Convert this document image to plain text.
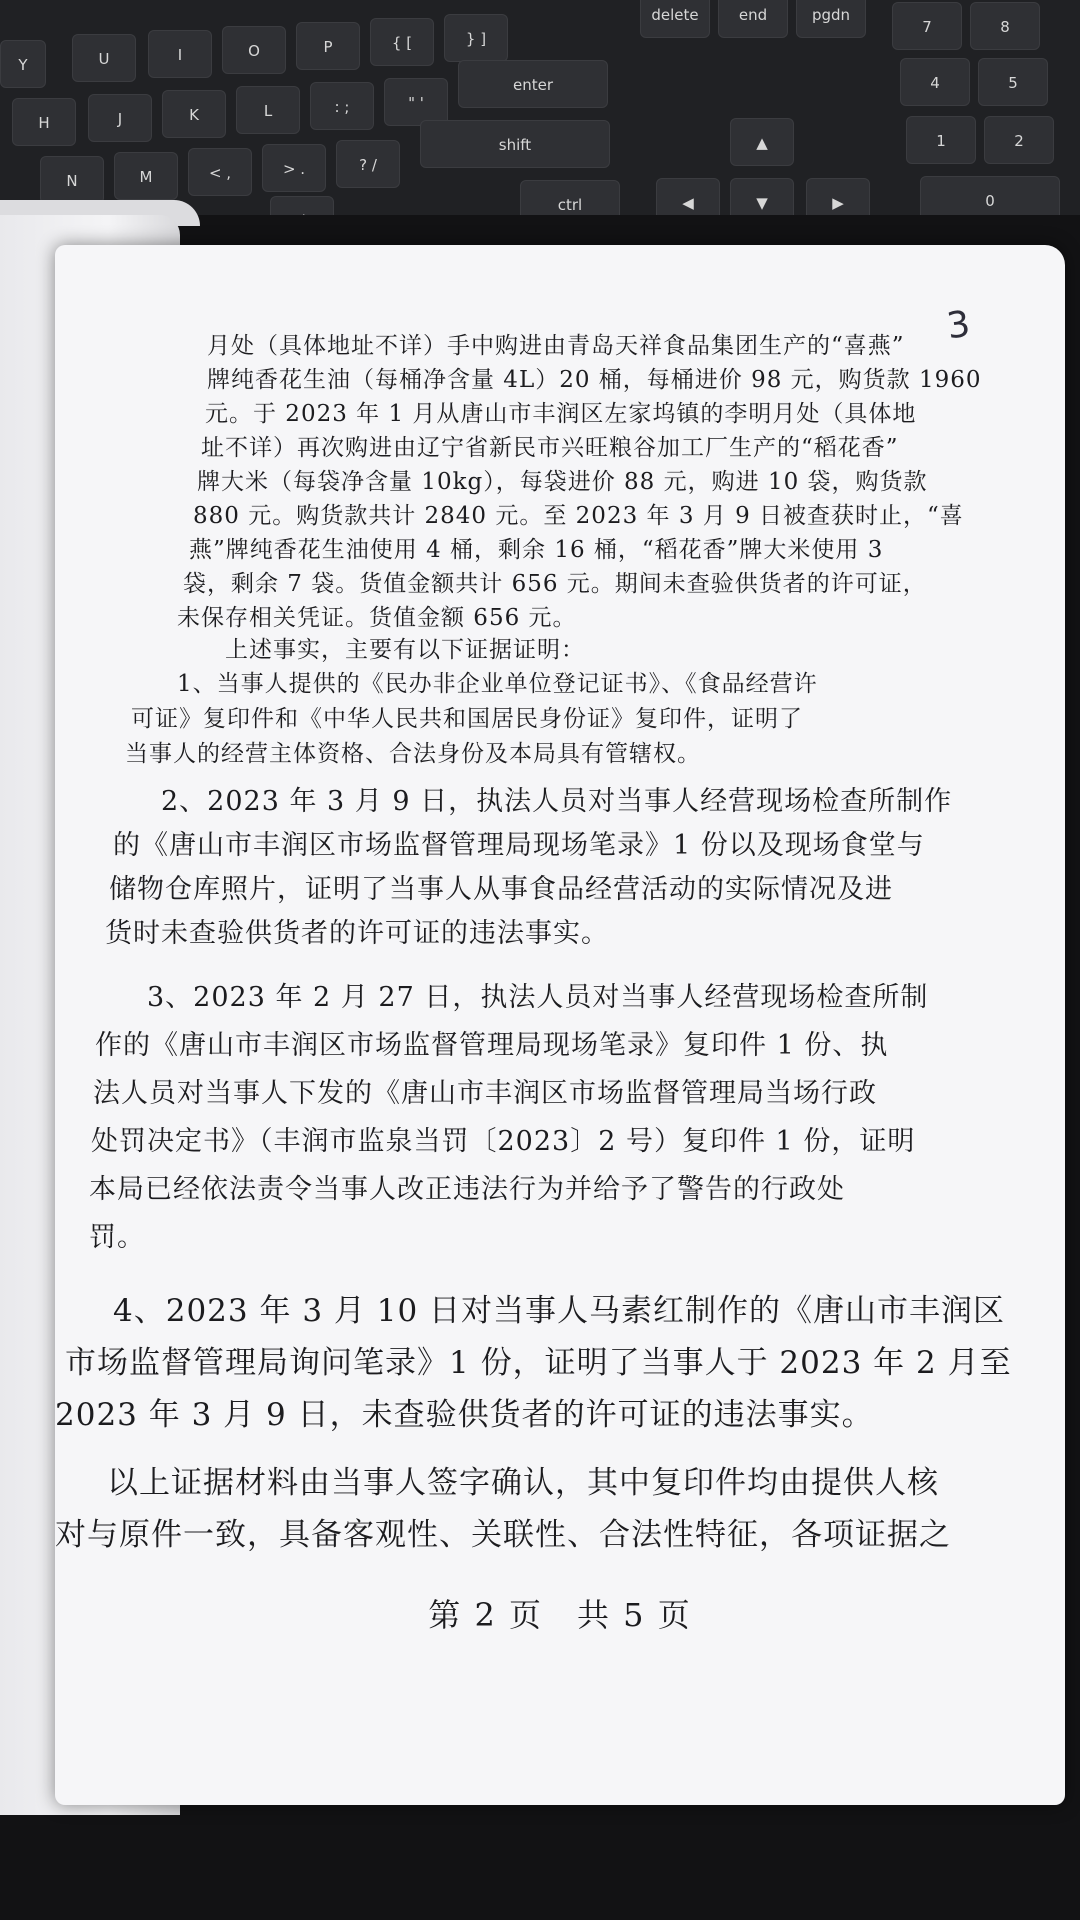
Y	U	I	O	P	{ [	} ]
H	J	K	L	: ;	" '
enter
N	M	< ,	> .	? /
shift
ctrl
delete	end	pgdn
▲
◀	▼	▶
7	8
4	5
1	2
0
3
月处（具体地址不详）手中购进由青岛天祥食品集团生产的“喜燕”
牌纯香花生油（每桶净含量 4L）20 桶，每桶进价 98 元，购货款 1960
元。于 2023 年 1 月从唐山市丰润区左家坞镇的李明月处（具体地
址不详）再次购进由辽宁省新民市兴旺粮谷加工厂生产的“稻花香”
牌大米（每袋净含量 10kg），每袋进价 88 元，购进 10 袋，购货款
880 元。购货款共计 2840 元。至 2023 年 3 月 9 日被查获时止，“喜
燕”牌纯香花生油使用 4 桶，剩余 16 桶，“稻花香”牌大米使用 3
袋，剩余 7 袋。货值金额共计 656 元。期间未查验供货者的许可证，
未保存相关凭证。货值金额 656 元。
上述事实，主要有以下证据证明：
1、当事人提供的《民办非企业单位登记证书》、《食品经营许
可证》复印件和《中华人民共和国居民身份证》复印件，证明了
当事人的经营主体资格、合法身份及本局具有管辖权。
2、2023 年 3 月 9 日，执法人员对当事人经营现场检查所制作
的《唐山市丰润区市场监督管理局现场笔录》1 份以及现场食堂与
储物仓库照片，证明了当事人从事食品经营活动的实际情况及进
货时未查验供货者的许可证的违法事实。
3、2023 年 2 月 27 日，执法人员对当事人经营现场检查所制
作的《唐山市丰润区市场监督管理局现场笔录》复印件 1 份、执
法人员对当事人下发的《唐山市丰润区市场监督管理局当场行政
处罚决定书》（丰润市监泉当罚〔2023〕2 号）复印件 1 份，证明
本局已经依法责令当事人改正违法行为并给予了警告的行政处
罚。
4、2023 年 3 月 10 日对当事人马素红制作的《唐山市丰润区
市场监督管理局询问笔录》1 份，证明了当事人于 2023 年 2 月至
2023 年 3 月 9 日，未查验供货者的许可证的违法事实。
以上证据材料由当事人签字确认，其中复印件均由提供人核
对与原件一致，具备客观性、关联性、合法性特征，各项证据之
第 2 页　共 5 页
